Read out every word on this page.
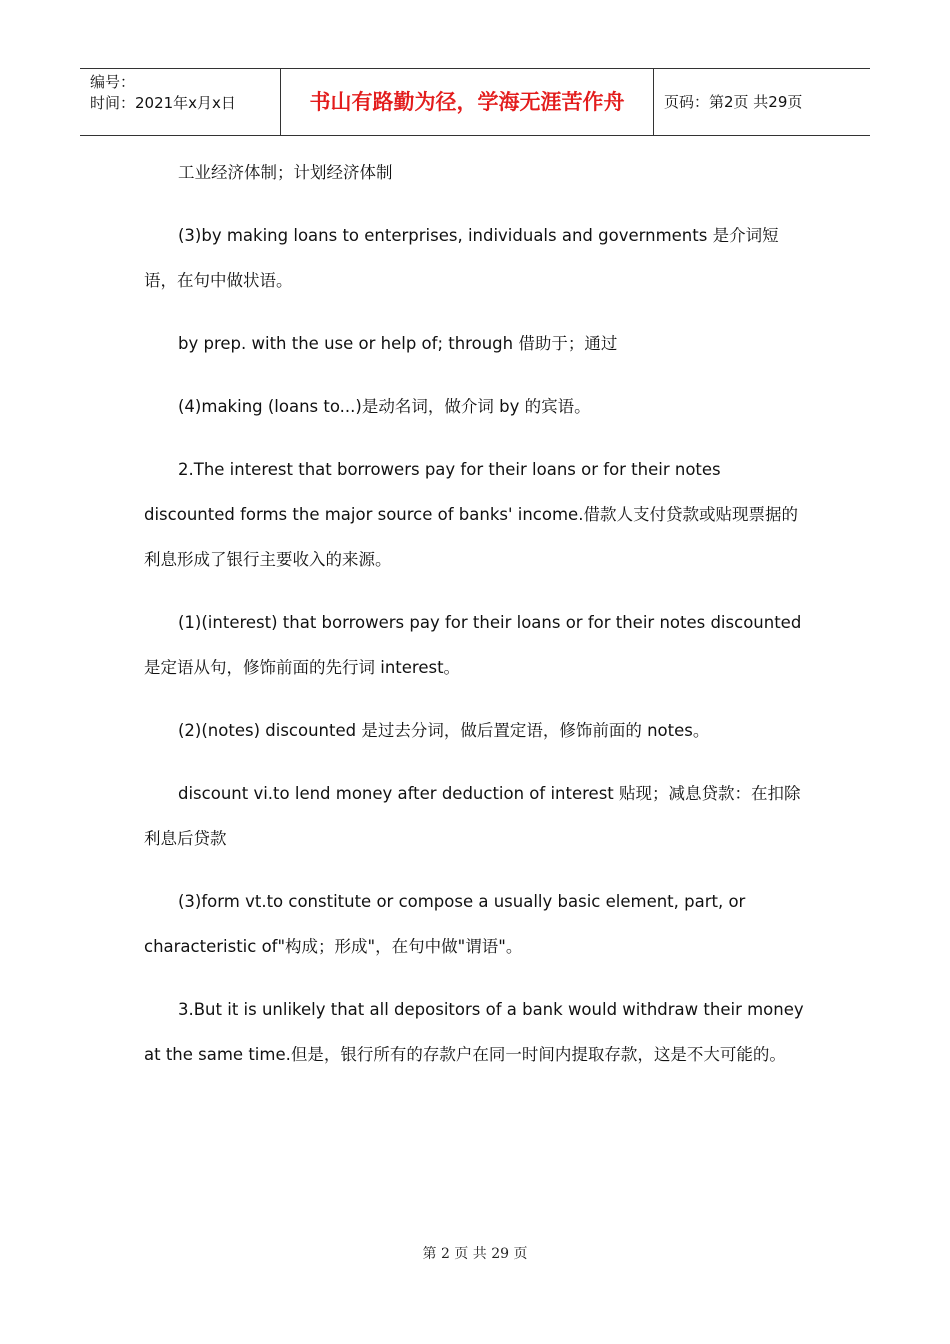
编号：
时间：2021年x月x日	书山有路勤为径，学海无涯苦作舟	页码：第2页 共29页

工业经济体制；计划经济体制

(3)by making loans to enterprises, individuals and governments 是介词短语，在句中做状语。

by prep. with the use or help of; through 借助于；通过

(4)making (loans to...)是动名词，做介词 by 的宾语。

2.The interest that borrowers pay for their loans or for their notes discounted forms the major source of banks' income.借款人支付贷款或贴现票据的利息形成了银行主要收入的来源。

(1)(interest) that borrowers pay for their loans or for their notes discounted 是定语从句，修饰前面的先行词 interest。

(2)(notes) discounted 是过去分词，做后置定语，修饰前面的 notes。

discount vi.to lend money after deduction of interest 贴现；减息贷款：在扣除利息后贷款

(3)form vt.to constitute or compose a usually basic element, part, or characteristic of"构成；形成"，在句中做"谓语"。

3.But it is unlikely that all depositors of a bank would withdraw their money at the same time.但是，银行所有的存款户在同一时间内提取存款，这是不大可能的。

第 2 页 共 29 页
